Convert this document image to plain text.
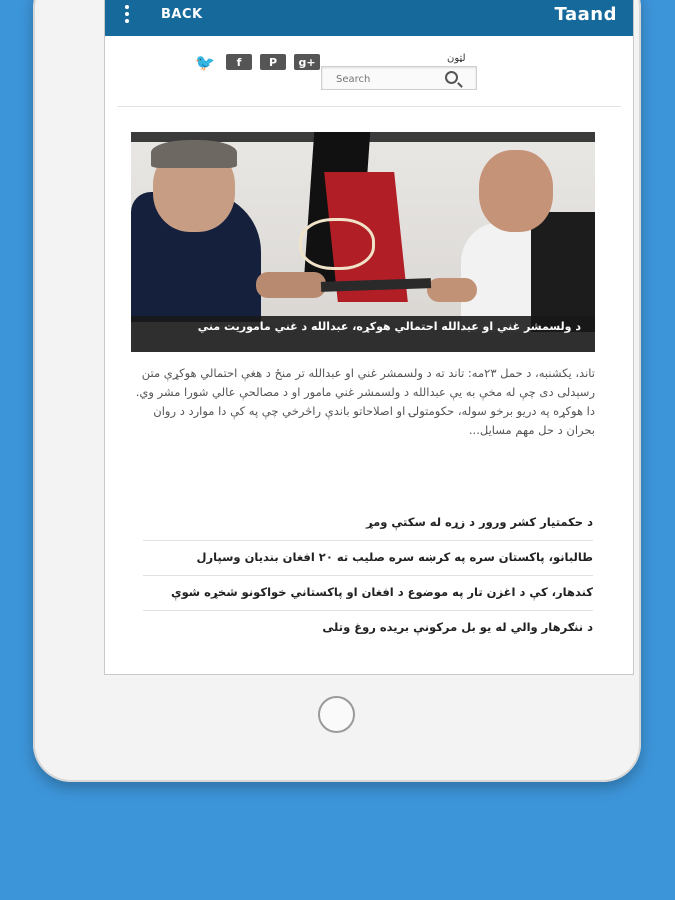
BACK	Taand
🐦	f	P	g+	لټون
Search
د ولسمشر غني او عبدالله احتمالي هوکړه، عبدالله د غني ماموريت مني
تاند، يکشنبه، د حمل ۲۳مه: تاند ته د ولسمشر غني او عبدالله تر منځ د هغې احتمالي هوکړې متن رسېدلی دی چې له مخې به يې عبدالله د ولسمشر غني مامور او د مصالحې عالي شورا مشر وي. دا هوکړه په دريو برخو سوله، حکومتولۍ او اصلاحاتو باندې راڅرخي چې په کې دا موارد د روان بحران د حل مهم مسايل...
د حکمتيار کشر ورور د زړه له سکتې ومړ
طالبانو، پاکستان سره په کرښه سره صليب ته ۲۰ افغان بنديان وسپارل
کندهار، کې د اغزن تار په موضوع د افغان او پاکستاني خواکونو شخړه شوې
د ننګرهار والي له يو بل مرکونې بريده روغ وتلی
